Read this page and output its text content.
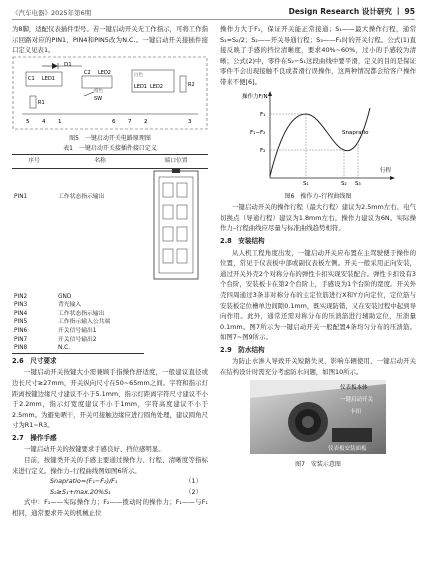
《汽车电器》2025年第6期	Design Research 设计研究 丨 95

为8脚，适配仪表插件型号。若一键启动开关无工作指示，可将工作指示回路对应的PIN1、PIN4和PIN5改为N.C.。一键启动开关接插件接口定义见表1。

D1
C1 LED1
C2 LED2
SW
橙色
白色
LED1 LED2	R2
R1
5 4 1	6 7 2	3
图5　一键启动开关电路原理图
表1　一键启动开关接插件接口定义
序号	名称	端口位置
PIN1	工作状态指示输出	

PIN2	GND	
PIN3	背光输入	
PIN4	工作状态指示输出	
PIN5	工作指示输入公共端	
PIN6	开关信号输出1	
PIN7	开关信号输出2	
PIN8	N.C.	
2.6　尺寸要求

一键启动开关按键大小需兼顾手指操作舒适度，一般建议直径或边长尺寸≥27mm，开关纵向尺寸在50~65mm之间。字符和指示灯距离按键边缘尺寸建议不小于5.1mm，指示灯距离字符尺寸建议不小于2.2mm，指示灯宽度建议不小于1mm，字符高度建议不小于2.5mm。为避免晒干，开关可接触边缘应进行圆角处理，建议圆角尺寸为R1~R3。

2.7　操作手感

一键启动开关的按键要求手感良好、挡位感明显。

目前，按键类开关的手感主要通过操作力、行程、清晰度等指标来进行定义。操作力–行程曲线图如图6所示。

Snapratio=(F₁−F₂)/F₁	（1）
S₂≥S₁+max.20%S₁	（2）

式中：F₁——实际操作力；F₂——拨动时的操作力；F₁——与F₁相同，通常要求开关的机械止位

操作力大于F₁，保证开关能正常接通；S₁——最大操作行程，通常S₁≈S₂/2；S₂——开关导通行程；S₃——F₁时的开关行程。公式(1)直接反映了手感的挡位清晰度，要求40%~60%，过小的手感较为清晰；公式(2)中，零件在S₂−S₁这段曲线中要平滑，定义的目的是保证零件不会出现接触不良或者滑行误操作，这两种情况都会给客户操作带来不便[6]。

操作力F/N
行程
F₁
F₁−F₂
F₂
Snapratio
S₁	S₂ S₃
图6　操作力–行程曲线图

一键启动开关的操作行程（最大行程）建议为2.5mm左右、电气切换点（导通行程）建议为1.8mm左右，操作力建议为6N。实际操作力–行程曲线应尽量与标准曲线趋势相符。

2.8　安装结构

从人机工程角度出发，一键启动开关应布置在主驾驶便于操作的位置，常见于仪表板中部或副仪表板左侧。开关一般采用正向安装，通过开关外壳2个对称分布的弹性卡扣实现安装配合。弹性卡扣设有3个台阶，安装板卡在第2个台阶上，手感设为1个台阶的宽度。开关外壳四周通过3条非对称分布的主定位筋进行X和Y方向定位，定位筋与安装板定位槽单边间隙0.1mm，既实现防错，又在安装过程中起到导向作用。此外，通常还需对称分布的压溃筋进行辅助定位，压溃量0.1mm。图7所示为一键启动开关一般配置4条均匀分布的压溃筋。如图7~图9所示。

2.9　防水结构

为防止水渗入导致开关短路失灵，影响车辆使用，一键启动开关在结构设计时需充分考虑防水问题，如图10所示。

仪表板本体
一键启动开关
卡扣
仪表板安装面板
图7　安装示意图
